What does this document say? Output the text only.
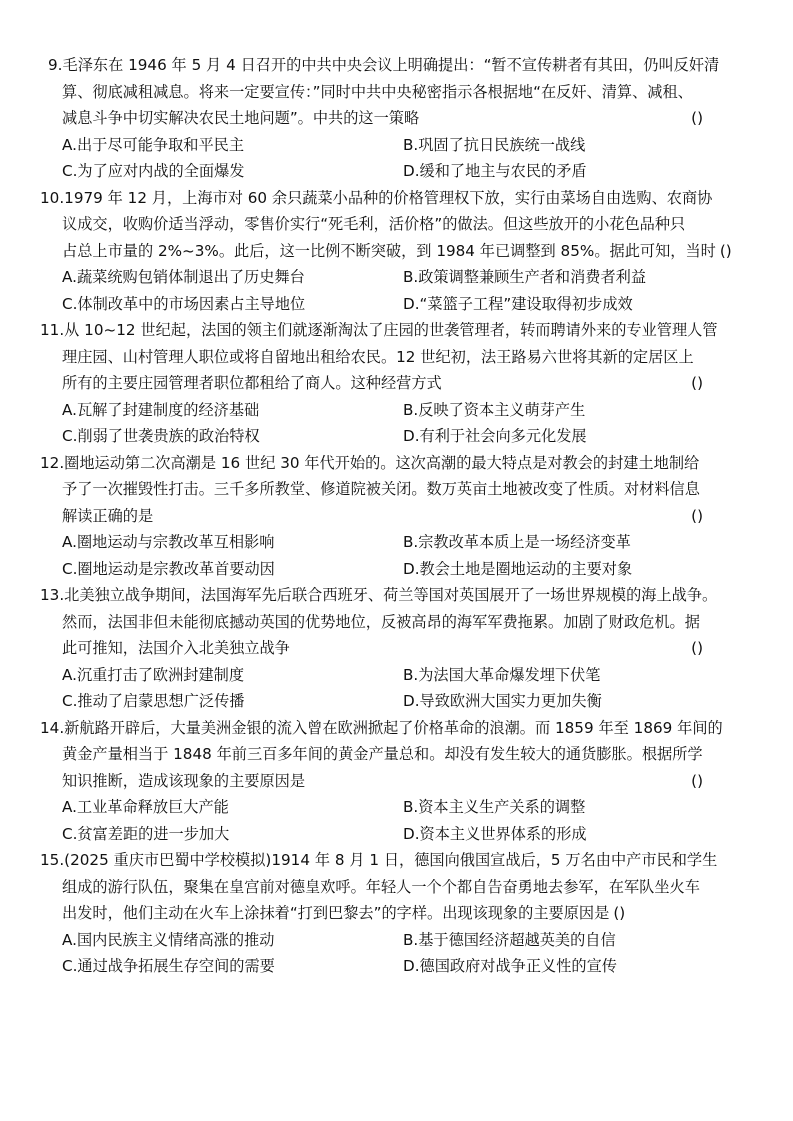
9.毛泽东在 1946 年 5 月 4 日召开的中共中央会议上明确提出：“暂不宣传耕者有其田，仍叫反奸清
算、彻底减租减息。将来一定要宣传：”同时中共中央秘密指示各根据地“在反奸、清算、减租、
减息斗争中切实解决农民土地问题”。中共的这一策略	()
A.出于尽可能争取和平民主	B.巩固了抗日民族统一战线
C.为了应对内战的全面爆发	D.缓和了地主与农民的矛盾
10.1979 年 12 月，上海市对 60 余只蔬菜小品种的价格管理权下放，实行由菜场自由选购、农商协
议成交，收购价适当浮动，零售价实行“死毛利，活价格”的做法。但这些放开的小花色品种只
占总上市量的 2%~3%。此后，这一比例不断突破，到 1984 年已调整到 85%。据此可知，当时 ()
A.蔬菜统购包销体制退出了历史舞台	B.政策调整兼顾生产者和消费者利益
C.体制改革中的市场因素占主导地位	D.“菜篮子工程”建设取得初步成效
11.从 10~12 世纪起，法国的领主们就逐渐淘汰了庄园的世袭管理者，转而聘请外来的专业管理人管
理庄园、山村管理人职位或将自留地出租给农民。12 世纪初，法王路易六世将其新的定居区上
所有的主要庄园管理者职位都租给了商人。这种经营方式	()
A.瓦解了封建制度的经济基础	B.反映了资本主义萌芽产生
C.削弱了世袭贵族的政治特权	D.有利于社会向多元化发展
12.圈地运动第二次高潮是 16 世纪 30 年代开始的。这次高潮的最大特点是对教会的封建土地制给
予了一次摧毁性打击。三千多所教堂、修道院被关闭。数万英亩土地被改变了性质。对材料信息
解读正确的是	()
A.圈地运动与宗教改革互相影响	B.宗教改革本质上是一场经济变革
C.圈地运动是宗教改革首要动因	D.教会土地是圈地运动的主要对象
13.北美独立战争期间，法国海军先后联合西班牙、荷兰等国对英国展开了一场世界规模的海上战争。
然而，法国非但未能彻底撼动英国的优势地位，反被高昂的海军军费拖累。加剧了财政危机。据
此可推知，法国介入北美独立战争	()
A.沉重打击了欧洲封建制度	B.为法国大革命爆发埋下伏笔
C.推动了启蒙思想广泛传播	D.导致欧洲大国实力更加失衡
14.新航路开辟后，大量美洲金银的流入曾在欧洲掀起了价格革命的浪潮。而 1859 年至 1869 年间的
黄金产量相当于 1848 年前三百多年间的黄金产量总和。却没有发生较大的通货膨胀。根据所学
知识推断，造成该现象的主要原因是	()
A.工业革命释放巨大产能	B.资本主义生产关系的调整
C.贫富差距的进一步加大	D.资本主义世界体系的形成
15.(2025 重庆市巴蜀中学校模拟)1914 年 8 月 1 日，德国向俄国宣战后，5 万名由中产市民和学生
组成的游行队伍，聚集在皇宫前对德皇欢呼。年轻人一个个都自告奋勇地去参军，在军队坐火车
出发时，他们主动在火车上涂抹着“打到巴黎去”的字样。出现该现象的主要原因是 ()
A.国内民族主义情绪高涨的推动	B.基于德国经济超越英美的自信
C.通过战争拓展生存空间的需要	D.德国政府对战争正义性的宣传
